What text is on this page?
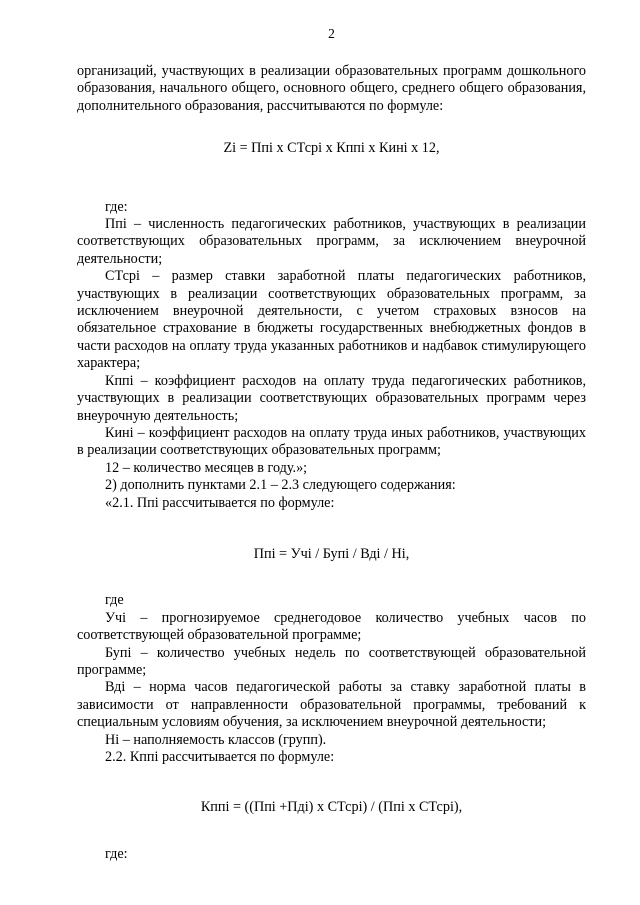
2

организаций, участвующих в реализации образовательных программ дошкольного образования, начального общего, основного общего, среднего общего образования, дополнительного образования, рассчитываются по формуле:

Zi = Ппі х СТсрі х Кппі х Кині х 12,

где:

Ппі – численность педагогических работников, участвующих в реализации соответствующих образовательных программ, за исключением внеурочной деятельности;

СТсрі – размер ставки заработной платы педагогических работников, участвующих в реализации соответствующих образовательных программ, за исключением внеурочной деятельности, с учетом страховых взносов на обязательное страхование в бюджеты государственных внебюджетных фондов в части расходов на оплату труда указанных работников и надбавок стимулирующего характера;

Кппі – коэффициент расходов на оплату труда педагогических работников, участвующих в реализации соответствующих образовательных программ через внеурочную деятельность;

Кині – коэффициент расходов на оплату труда иных работников, участвующих в реализации соответствующих образовательных программ;

12 – количество месяцев в году.»;

2) дополнить пунктами 2.1 – 2.3 следующего содержания:

«2.1. Ппі рассчитывается по формуле:

Ппі = Учі / Бупі / Вді / Ні,

где

Учі – прогнозируемое среднегодовое количество учебных часов по соответствующей образовательной программе;

Бупі – количество учебных недель по соответствующей образовательной программе;

Вді – норма часов педагогической работы за ставку заработной платы в зависимости от направленности образовательной программы, требований к специальным условиям обучения, за исключением внеурочной деятельности;

Ні – наполняемость классов (групп).

2.2. Кппі рассчитывается по формуле:

Кппі = ((Ппі +Пді) х СТсрі) / (Ппі х СТсрі),

где:
